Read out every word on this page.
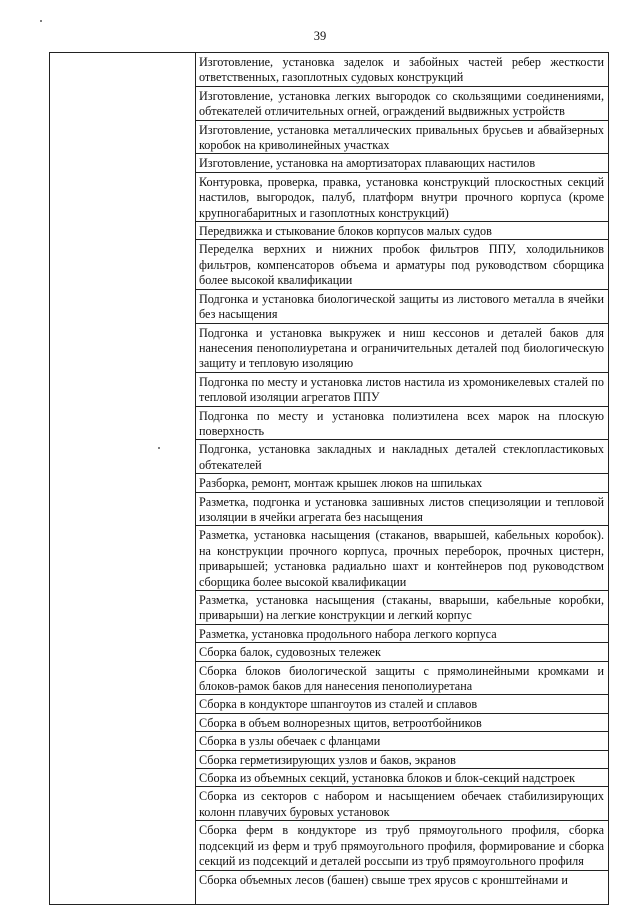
39

Изготовление, установка заделок и забойных частей ребер жесткости ответственных, газоплотных судовых конструкций
Изготовление, установка легких выгородок со скользящими соединениями, обтекателей отличительных огней, ограждений выдвижных устройств
Изготовление, установка металлических привальных брусьев и абвайзерных коробок на криволинейных участках
Изготовление, установка на амортизаторах плавающих настилов
Контуровка, проверка, правка, установка конструкций плоскостных секций настилов, выгородок, палуб, платформ внутри прочного корпуса (кроме крупногабаритных и газоплотных конструкций)
Передвижка и стыкование блоков корпусов малых судов
Переделка верхних и нижних пробок фильтров ППУ, холодильников фильтров, компенсаторов объема и арматуры под руководством сборщика более высокой квалификации
Подгонка и установка биологической защиты из листового металла в ячейки без насыщения
Подгонка и установка выкружек и ниш кессонов и деталей баков для нанесения пенополиуретана и ограничительных деталей под биологическую защиту и тепловую изоляцию
Подгонка по месту и установка листов настила из хромоникелевых сталей по тепловой изоляции агрегатов ППУ
Подгонка по месту и установка полиэтилена всех марок на плоскую поверхность
Подгонка, установка закладных и накладных деталей стеклопластиковых обтекателей
Разборка, ремонт, монтаж крышек люков на шпильках
Разметка, подгонка и установка зашивных листов специзоляции и тепловой изоляции в ячейки агрегата без насыщения
Разметка, установка насыщения (стаканов, вварышей, кабельных коробок). на конструкции прочного корпуса, прочных переборок, прочных цистерн, приварышей; установка радиально шахт и контейнеров под руководством сборщика более высокой квалификации
Разметка, установка насыщения (стаканы, вварыши, кабельные коробки, приварыши) на легкие конструкции и легкий корпус
Разметка, установка продольного набора легкого корпуса
Сборка балок, судовозных тележек
Сборка блоков биологической защиты с прямолинейными кромками и блоков-рамок баков для нанесения пенополиуретана
Сборка в кондукторе шпангоутов из сталей и сплавов
Сборка в объем волнорезных щитов, ветроотбойников
Сборка в узлы обечаек с фланцами
Сборка герметизирующих узлов и баков, экранов
Сборка из объемных секций, установка блоков и блок-секций надстроек
Сборка из секторов с набором и насыщением обечаек стабилизирующих колонн плавучих буровых установок
Сборка ферм в кондукторе из труб прямоугольного профиля, сборка подсекций из ферм и труб прямоугольного профиля, формирование и сборка секций из подсекций и деталей россыпи из труб прямоугольного профиля
Сборка объемных лесов (башен) свыше трех ярусов с кронштейнами и
